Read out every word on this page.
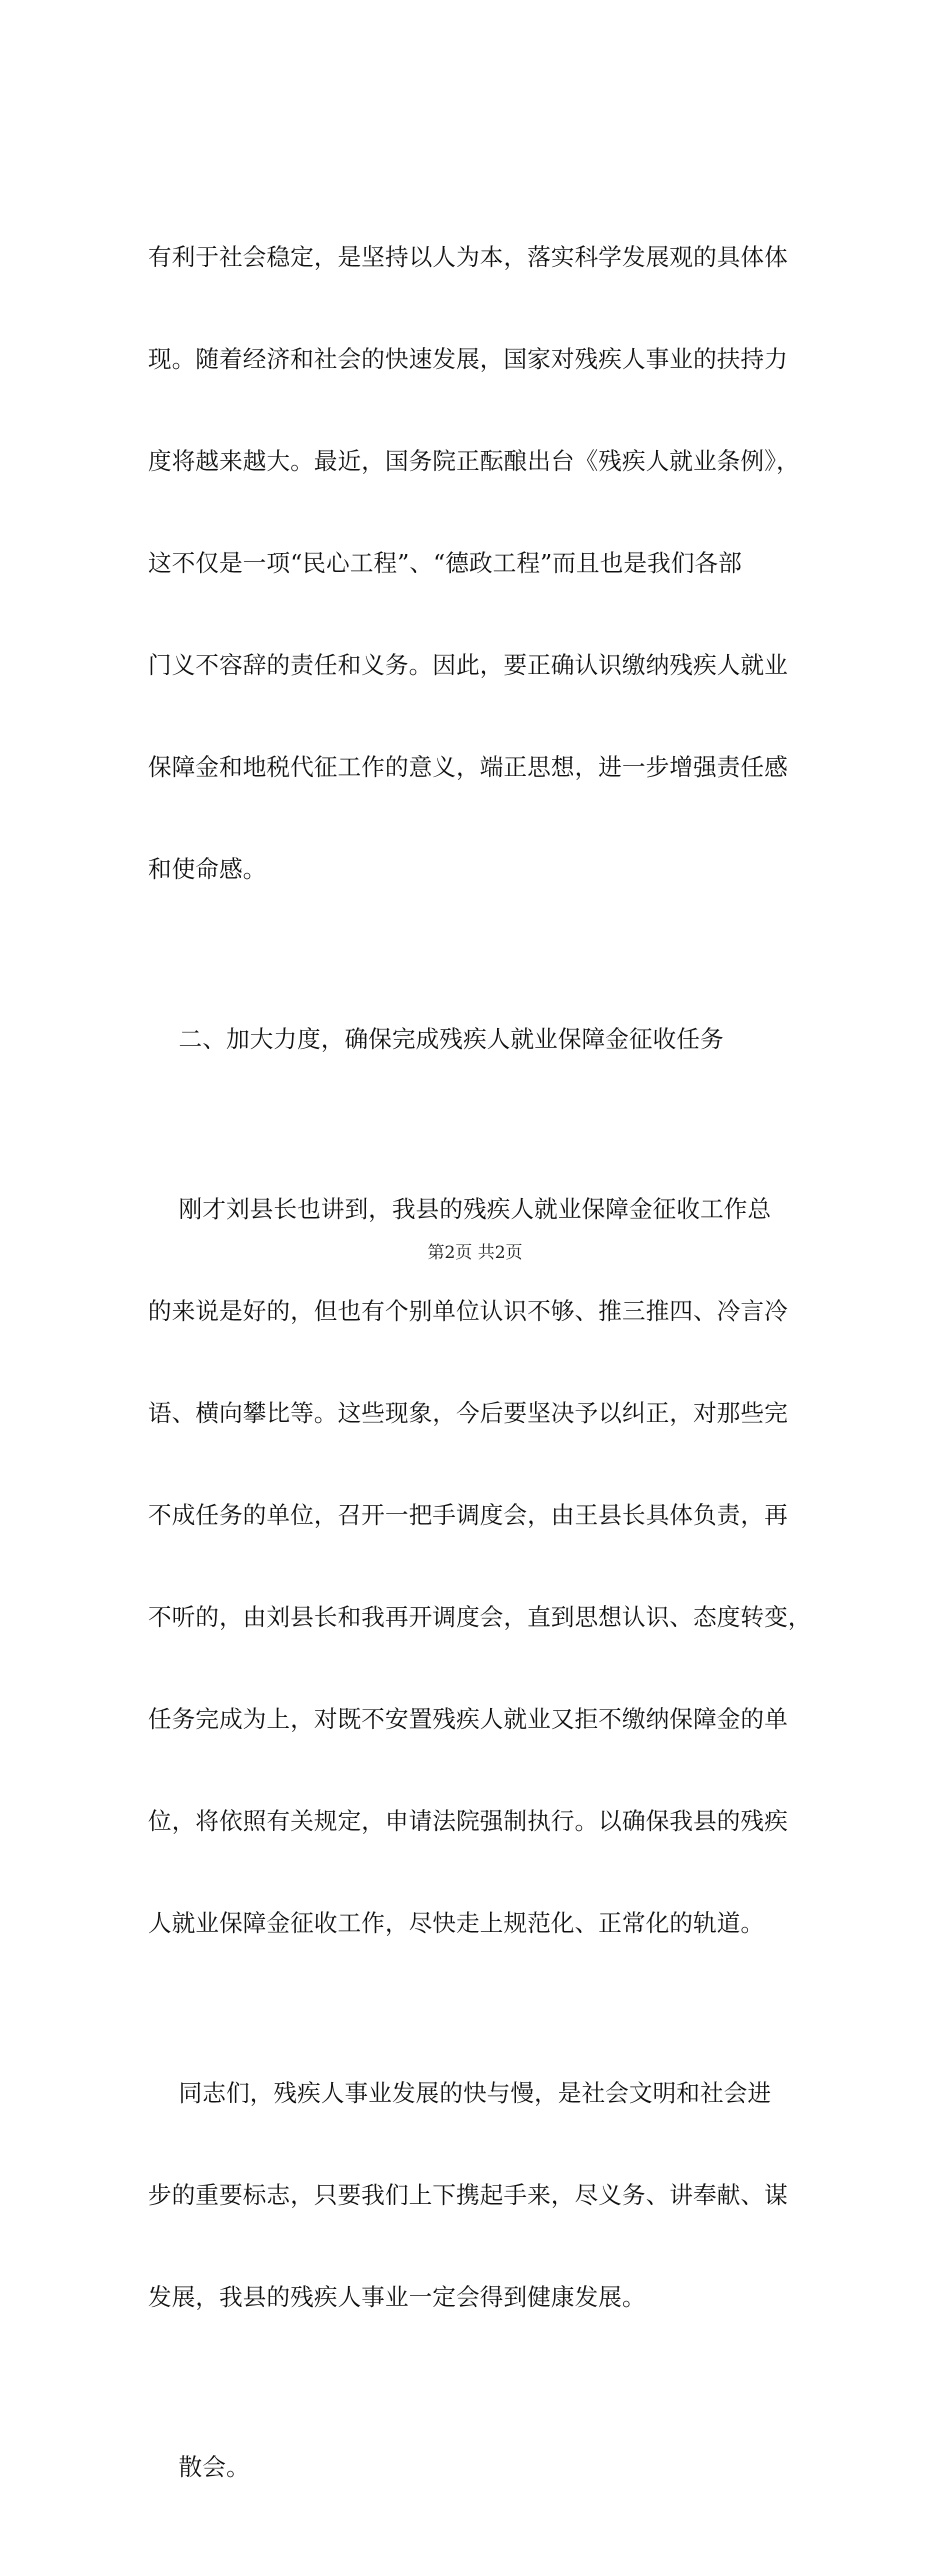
有利于社会稳定，是坚持以人为本，落实科学发展观的具体体

现。随着经济和社会的快速发展，国家对残疾人事业的扶持力

度将越来越大。最近，国务院正酝酿出台《残疾人就业条例》，

这不仅是一项“民心工程”、“德政工程”而且也是我们各部

门义不容辞的责任和义务。因此，要正确认识缴纳残疾人就业

保障金和地税代征工作的意义，端正思想，进一步增强责任感

和使命感。

二、加大力度，确保完成残疾人就业保障金征收任务

刚才刘县长也讲到，我县的残疾人就业保障金征收工作总

的来说是好的，但也有个别单位认识不够、推三推四、冷言冷

语、横向攀比等。这些现象，今后要坚决予以纠正，对那些完

不成任务的单位，召开一把手调度会，由王县长具体负责，再

不听的，由刘县长和我再开调度会，直到思想认识、态度转变，

任务完成为上，对既不安置残疾人就业又拒不缴纳保障金的单

位，将依照有关规定，申请法院强制执行。以确保我县的残疾

人就业保障金征收工作，尽快走上规范化、正常化的轨道。

同志们，残疾人事业发展的快与慢，是社会文明和社会进

步的重要标志，只要我们上下携起手来，尽义务、讲奉献、谋

发展，我县的残疾人事业一定会得到健康发展。

散会。

第2页 共2页
